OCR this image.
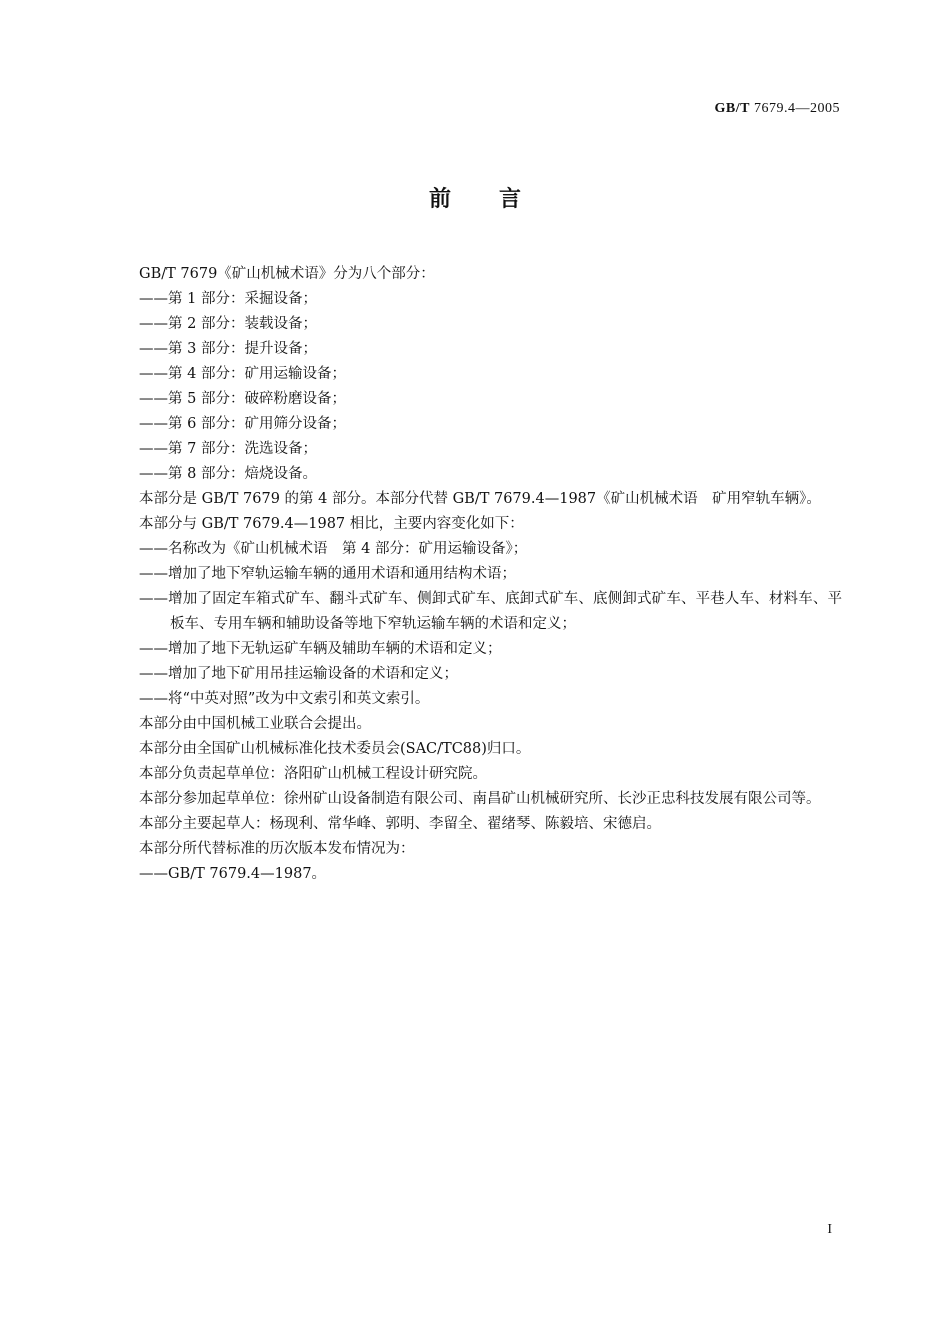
GB/T 7679.4—2005
前言

GB/T 7679《矿山机械术语》分为八个部分：

——第 1 部分：采掘设备；

——第 2 部分：装载设备；

——第 3 部分：提升设备；

——第 4 部分：矿用运输设备；

——第 5 部分：破碎粉磨设备；

——第 6 部分：矿用筛分设备；

——第 7 部分：洗选设备；

——第 8 部分：焙烧设备。

本部分是 GB/T 7679 的第 4 部分。本部分代替 GB/T 7679.4—1987《矿山机械术语　矿用窄轨车辆》。

本部分与 GB/T 7679.4—1987 相比，主要内容变化如下：

——名称改为《矿山机械术语　第 4 部分：矿用运输设备》；

——增加了地下窄轨运输车辆的通用术语和通用结构术语；

——增加了固定车箱式矿车、翻斗式矿车、侧卸式矿车、底卸式矿车、底侧卸式矿车、平巷人车、材料车、平板车、专用车辆和辅助设备等地下窄轨运输车辆的术语和定义；

——增加了地下无轨运矿车辆及辅助车辆的术语和定义；

——增加了地下矿用吊挂运输设备的术语和定义；

——将“中英对照”改为中文索引和英文索引。

本部分由中国机械工业联合会提出。

本部分由全国矿山机械标准化技术委员会(SAC/TC88)归口。

本部分负责起草单位：洛阳矿山机械工程设计研究院。

本部分参加起草单位：徐州矿山设备制造有限公司、南昌矿山机械研究所、长沙正忠科技发展有限公司等。

本部分主要起草人：杨现利、常华峰、郭明、李留全、翟绪琴、陈毅培、宋德启。

本部分所代替标准的历次版本发布情况为：

——GB/T 7679.4—1987。

I
